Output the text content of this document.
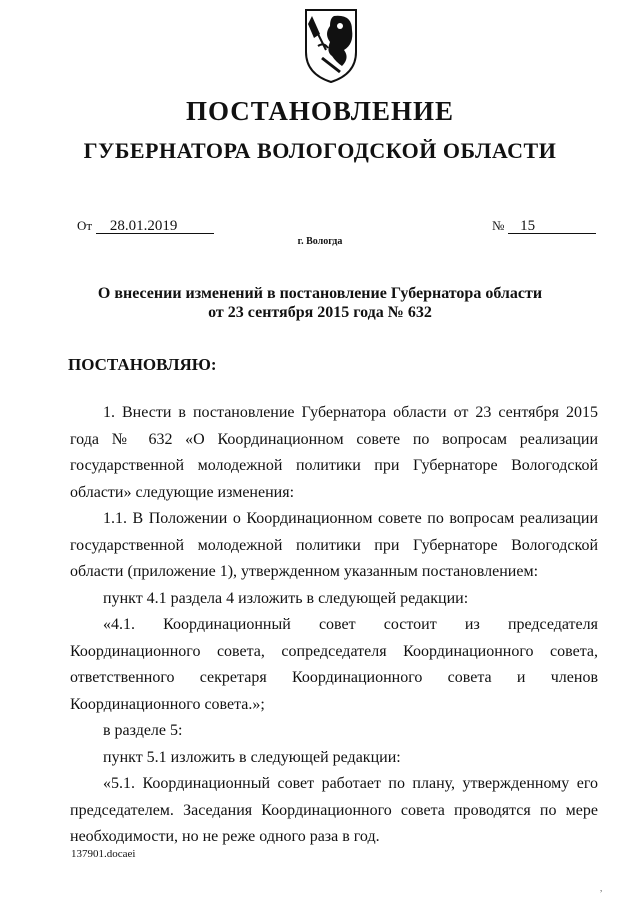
ПОСТАНОВЛЕНИЕ
ГУБЕРНАТОРА ВОЛОГОДСКОЙ ОБЛАСТИ
От 28.01.2019	№ 15
г. Вологда
О внесении изменений в постановление Губернатора области
от 23 сентября 2015 года № 632
ПОСТАНОВЛЯЮ:

1. Внести в постановление Губернатора области от 23 сентября 2015 года № 632 «О Координационном совете по вопросам реализации государственной молодежной политики при Губернаторе Вологодской области» следующие изменения:

1.1. В Положении о Координационном совете по вопросам реализации государственной молодежной политики при Губернаторе Вологодской области (приложение 1), утвержденном указанным постановлением:

пункт 4.1 раздела 4 изложить в следующей редакции:

«4.1. Координационный совет состоит из председателя Координационного совета, сопредседателя Координационного совета, ответственного секретаря Координационного совета и членов Координационного совета.»;

в разделе 5:

пункт 5.1 изложить в следующей редакции:

«5.1. Координационный совет работает по плану, утвержденному его председателем. Заседания Координационного совета проводятся по мере необходимости, но не реже одного раза в год.

137901.docaei
,
